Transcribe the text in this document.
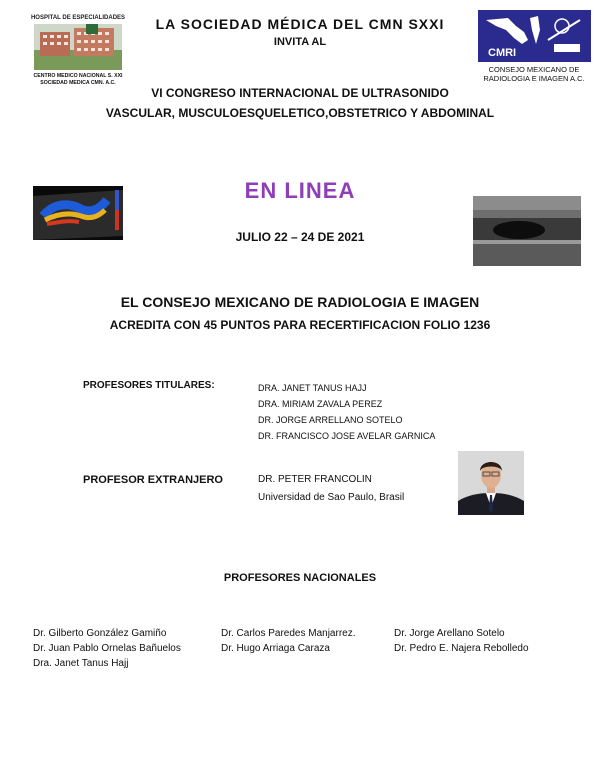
HOSPITAL DE ESPECIALIDADES
CENTRO MEDICO NACIONAL S. XXI
SOCIEDAD MEDICA CMN. A.C.
CMRI
CONSEJO MEXICANO DE
RADIOLOGIA E IMAGEN A.C.
LA SOCIEDAD MÉDICA DEL CMN SXXI
INVITA AL
VI CONGRESO INTERNACIONAL DE ULTRASONIDO
VASCULAR, MUSCULOESQUELETICO,OBSTETRICO Y ABDOMINAL
EN LINEA
JULIO 22 – 24 DE 2021
EL CONSEJO MEXICANO DE RADIOLOGIA E IMAGEN
ACREDITA CON 45 PUNTOS PARA RECERTIFICACION FOLIO 1236
PROFESORES TITULARES:	DRA. JANET TANUS HAJJ
DRA. MIRIAM ZAVALA PEREZ
DR. JORGE ARRELLANO SOTELO
DR. FRANCISCO JOSE AVELAR GARNICA
PROFESOR EXTRANJERO	DR. PETER FRANCOLIN
Universidad de Sao Paulo, Brasil
PROFESORES NACIONALES
Dr. Gilberto González Gamiño
Dr. Juan Pablo Ornelas Bañuelos
Dra. Janet Tanus Hajj
Dr. Carlos Paredes Manjarrez.
Dr. Hugo Arriaga Caraza
Dr. Jorge Arellano Sotelo
Dr. Pedro E. Najera Rebolledo
